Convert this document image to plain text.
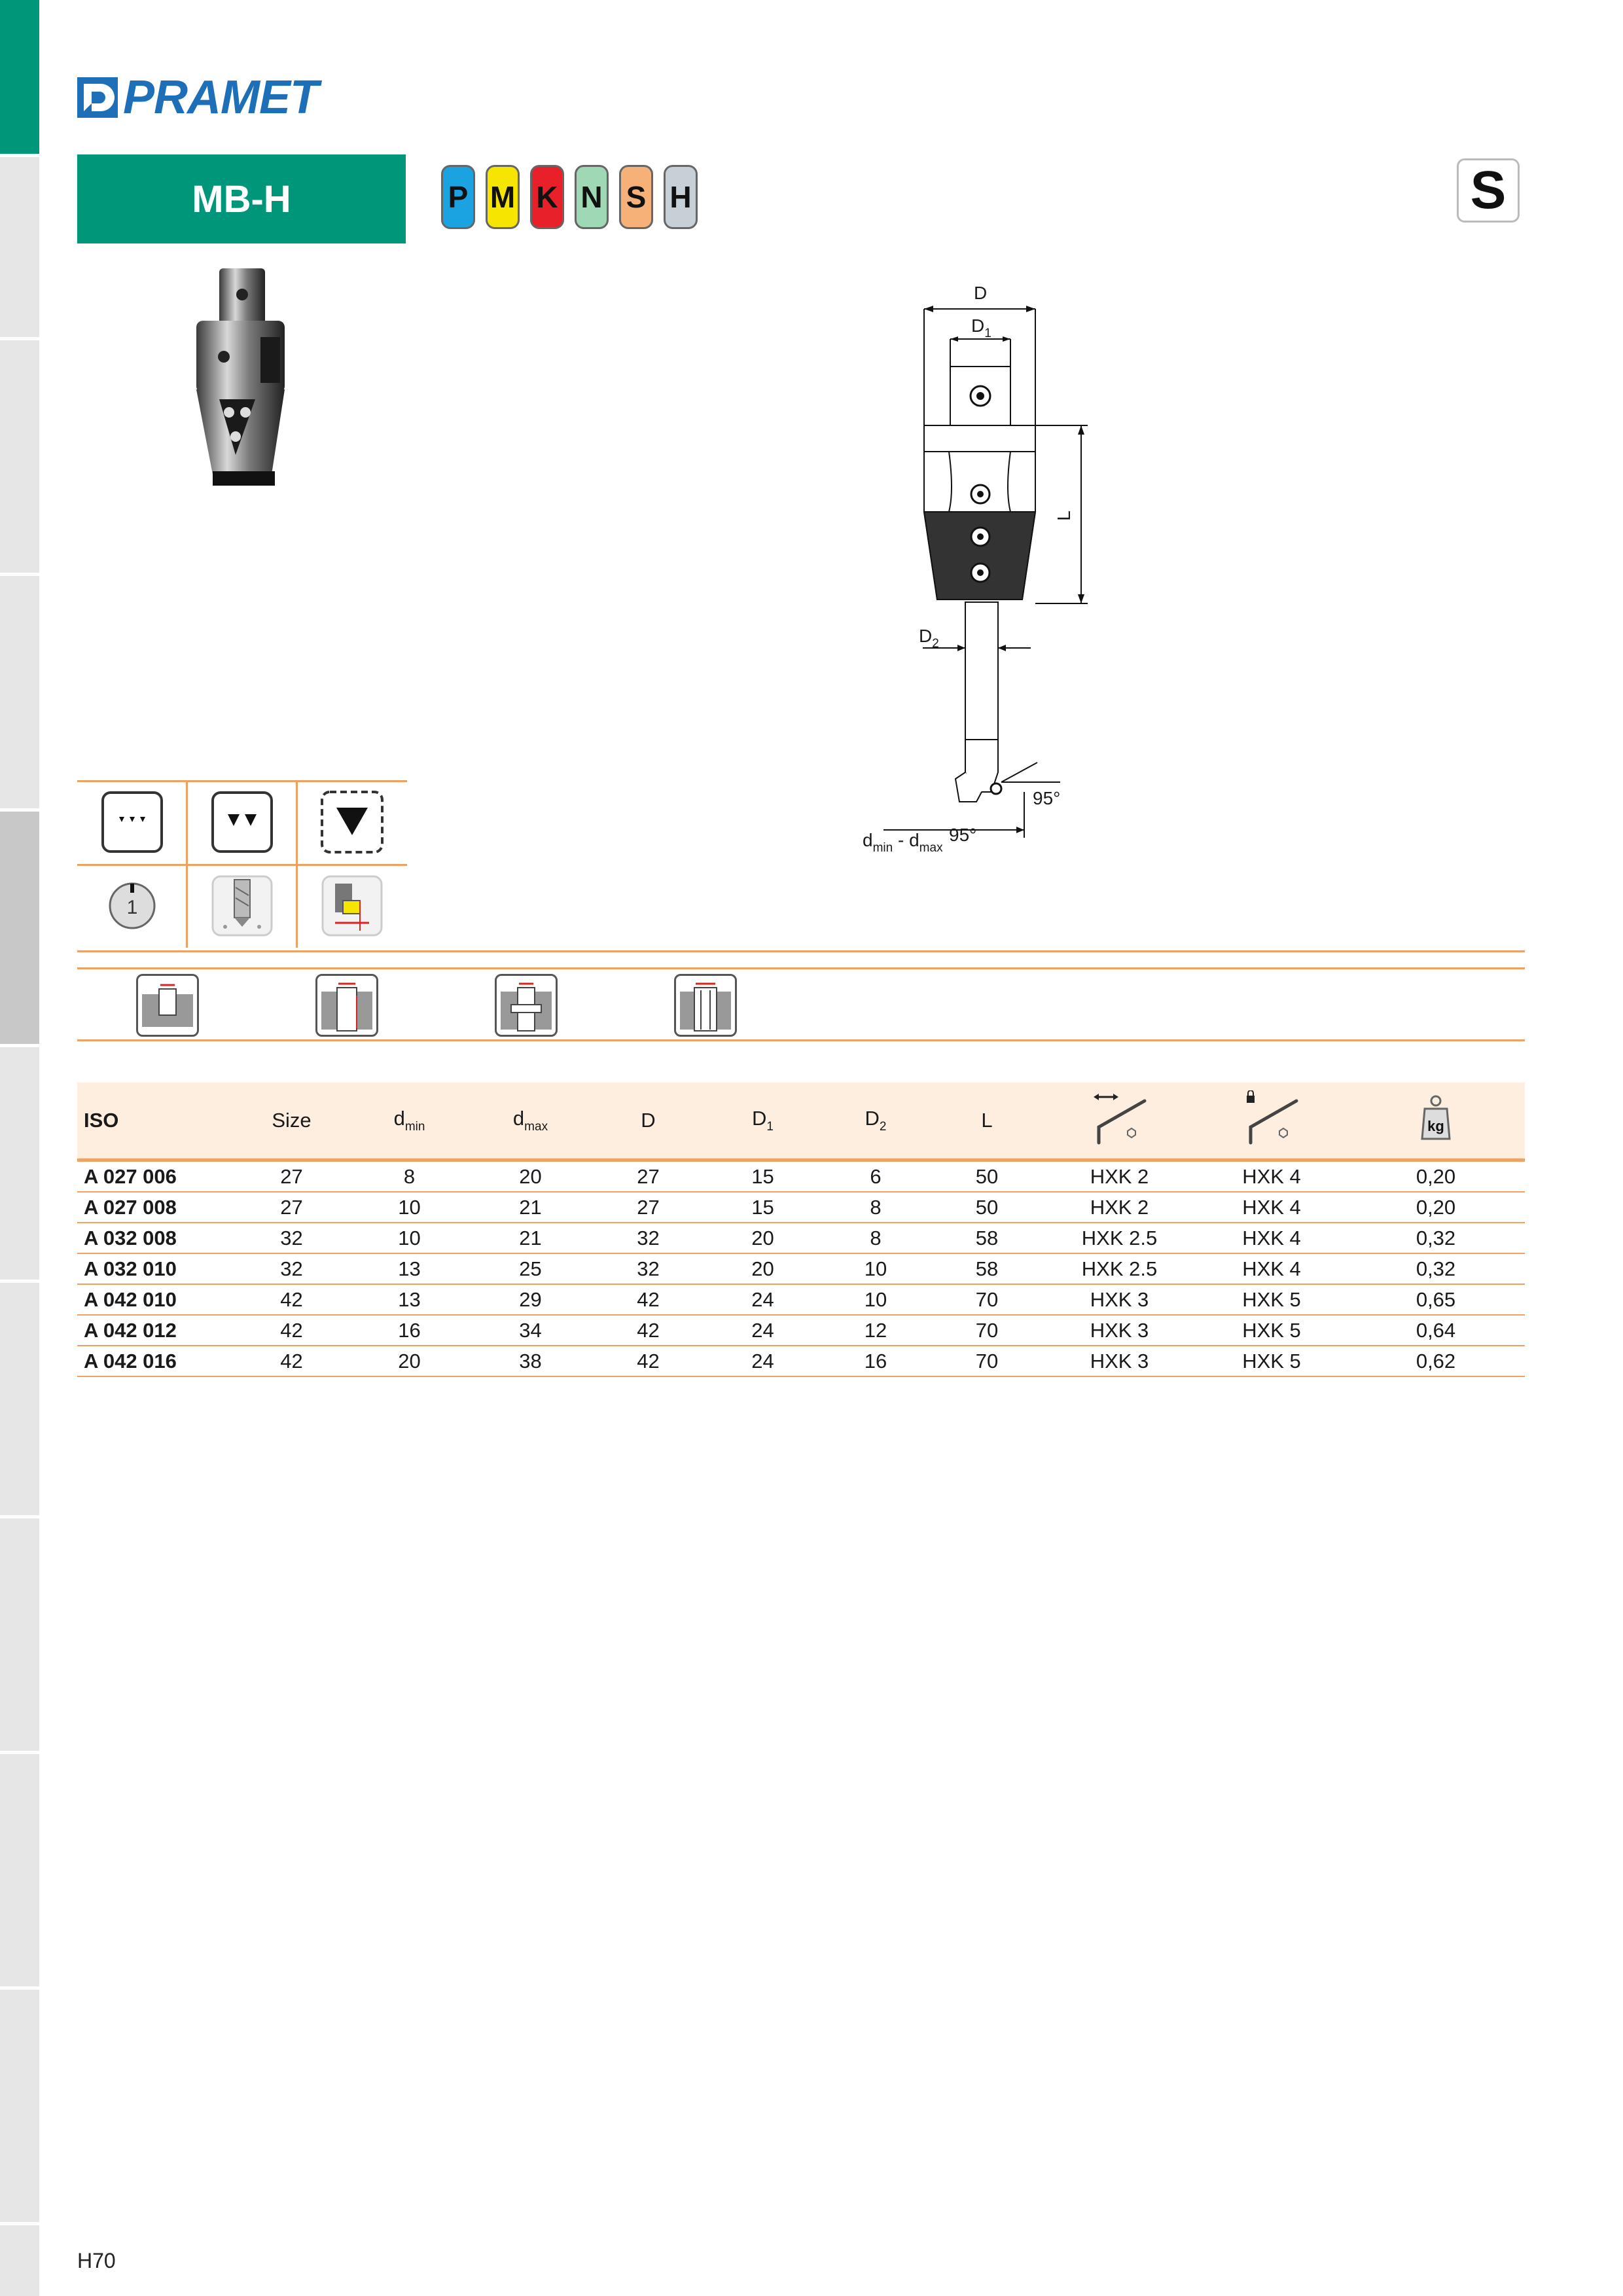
PRAMET
MB-H	P M K N S H	S
D
$D_1$
L
$D_2$
95°
95°
$d_{min} - d_{max}$
1
ISO	Size	$d_{min}$	$d_{max}$	D	$D_1$	$D_2$	L			kg

A 027 006	27	8	20	27	15	6	50	HXK 2	HXK 4	0,20
A 027 008	27	10	21	27	15	8	50	HXK 2	HXK 4	0,20
A 032 008	32	10	21	32	20	8	58	HXK 2.5	HXK 4	0,32
A 032 010	32	13	25	32	20	10	58	HXK 2.5	HXK 4	0,32
A 042 010	42	13	29	42	24	10	70	HXK 3	HXK 5	0,65
A 042 012	42	16	34	42	24	12	70	HXK 3	HXK 5	0,64
A 042 016	42	20	38	42	24	16	70	HXK 3	HXK 5	0,62
H70
